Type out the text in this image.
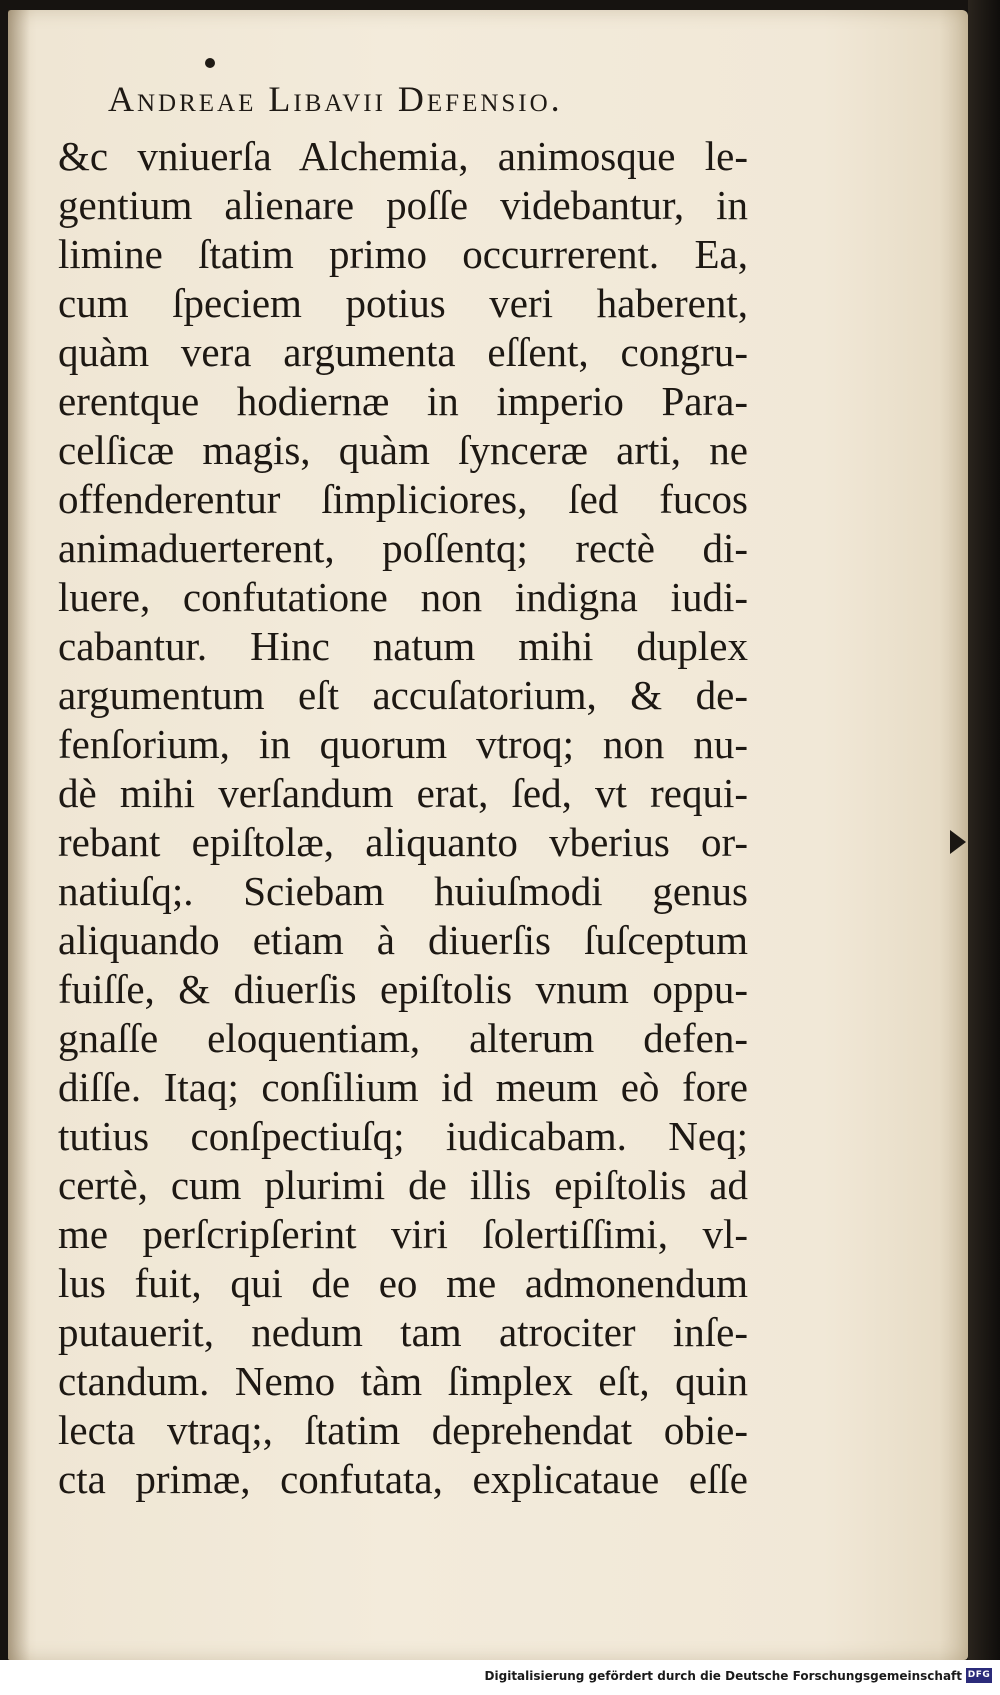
Andreae Libavii Defensio.
&c vniuerſa Alchemia, animosque le-
gentium alienare poſſe videbantur, in
limine ſtatim primo occurrerent. Ea,
cum ſpeciem potius veri haberent,
quàm vera argumenta eſſent, congru-
erentque hodiernæ in imperio Para-
celſicæ magis, quàm ſynceræ arti, ne
offenderentur ſimpliciores, ſed fucos
animaduerterent, poſſentq; rectè di-
luere, confutatione non indigna iudi-
cabantur. Hinc natum mihi duplex
argumentum eſt accuſatorium, & de-
fenſorium, in quorum vtroq; non nu-
dè mihi verſandum erat, ſed, vt requi-
rebant epiſtolæ, aliquanto vberius or-
natiuſq;. Sciebam huiuſmodi genus
aliquando etiam à diuerſis ſuſceptum
fuiſſe, & diuerſis epiſtolis vnum oppu-
gnaſſe eloquentiam, alterum defen-
diſſe. Itaq; conſilium id meum eò fore
tutius conſpectiuſq; iudicabam. Neq;
certè, cum plurimi de illis epiſtolis ad
me perſcripſerint viri ſolertiſſimi, vl-
lus fuit, qui de eo me admonendum
putauerit, nedum tam atrociter inſe-
ctandum. Nemo tàm ſimplex eſt, quin
lecta vtraq;, ſtatim deprehendat obie-
cta primæ, confutata, explicataue eſſe
Digitalisierung gefördert durch die Deutsche Forschungsgemeinschaft DFG
